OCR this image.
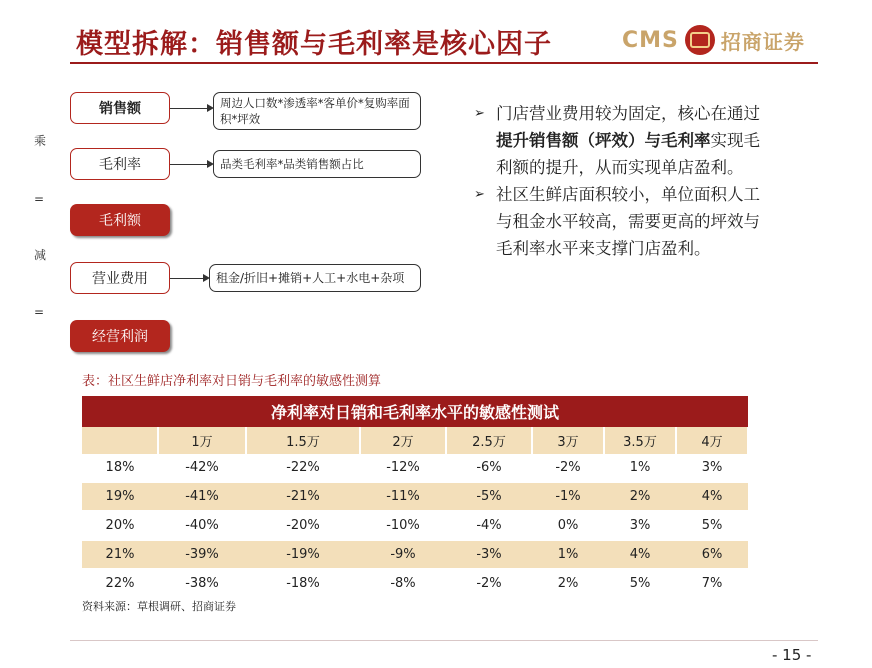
模型拆解：销售额与毛利率是核心因子	CMS 招商证券
乘
=
减
=
销售额	周边人口数*渗透率*客单价*复购率面积*坪效
毛利率	品类毛利率*品类销售额占比
毛利额
营业费用	租金/折旧+摊销+人工+水电+杂项
经营利润
➢ 门店营业费用较为固定，核心在通过提升销售额（坪效）与毛利率实现毛利额的提升，从而实现单店盈利。
➢ 社区生鲜店面积较小，单位面积人工与租金水平较高，需要更高的坪效与毛利率水平来支撑门店盈利。
表：社区生鲜店净利率对日销与毛利率的敏感性测算
净利率对日销和毛利率水平的敏感性测试							
	1万	1.5万	2万	2.5万	3万	3.5万	4万
18%	-42%	-22%	-12%	-6%	-2%	1%	3%
19%	-41%	-21%	-11%	-5%	-1%	2%	4%
20%	-40%	-20%	-10%	-4%	0%	3%	5%
21%	-39%	-19%	-9%	-3%	1%	4%	6%
22%	-38%	-18%	-8%	-2%	2%	5%	7%
资料来源：草根调研、招商证券
- 15 -
